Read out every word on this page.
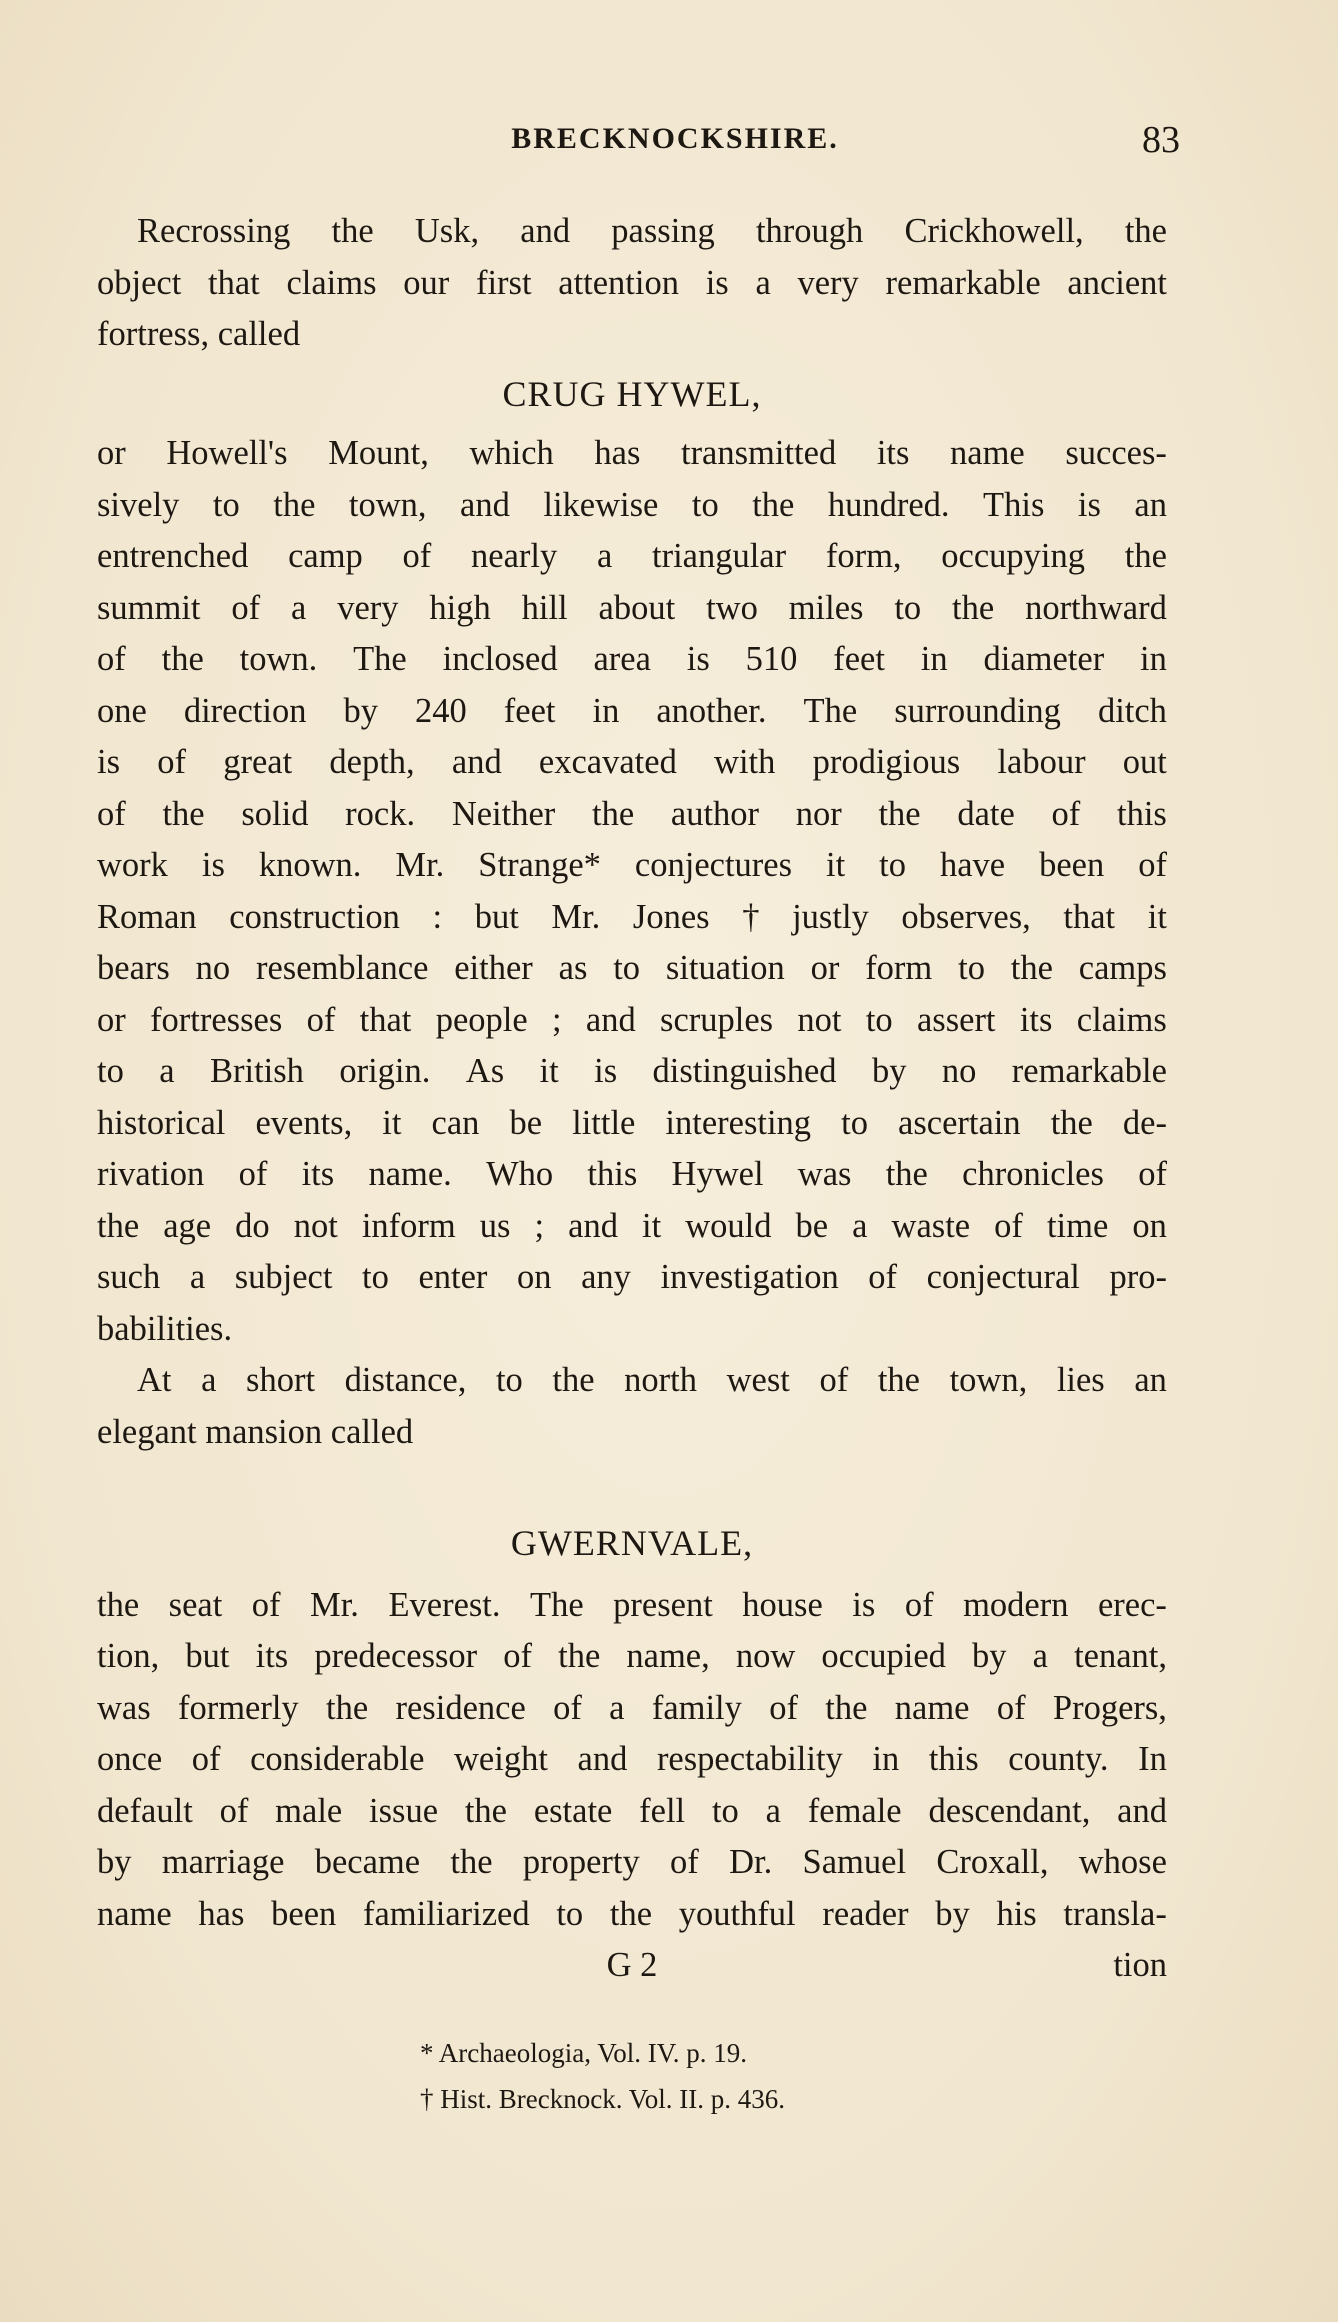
BRECKNOCKSHIRE.	83
Recrossing the Usk, and passing through Crickhowell, the
object that claims our first attention is a very remarkable ancient
fortress, called
CRUG HYWEL,
or Howell's Mount, which has transmitted its name succes-
sively to the town, and likewise to the hundred. This is an
entrenched camp of nearly a triangular form, occupying the
summit of a very high hill about two miles to the northward
of the town. The inclosed area is 510 feet in diameter in
one direction by 240 feet in another. The surrounding ditch
is of great depth, and excavated with prodigious labour out
of the solid rock. Neither the author nor the date of this
work is known. Mr. Strange* conjectures it to have been of
Roman construction : but Mr. Jones † justly observes, that it
bears no resemblance either as to situation or form to the camps
or fortresses of that people ; and scruples not to assert its claims
to a British origin. As it is distinguished by no remarkable
historical events, it can be little interesting to ascertain the de-
rivation of its name. Who this Hywel was the chronicles of
the age do not inform us ; and it would be a waste of time on
such a subject to enter on any investigation of conjectural pro-
babilities.
At a short distance, to the north west of the town, lies an
elegant mansion called
GWERNVALE,
the seat of Mr. Everest. The present house is of modern erec-
tion, but its predecessor of the name, now occupied by a tenant,
was formerly the residence of a family of the name of Progers,
once of considerable weight and respectability in this county. In
default of male issue the estate fell to a female descendant, and
by marriage became the property of Dr. Samuel Croxall, whose
name has been familiarized to the youthful reader by his transla-
G 2	tion
* Archaeologia, Vol. IV. p. 19.
† Hist. Brecknock. Vol. II. p. 436.
